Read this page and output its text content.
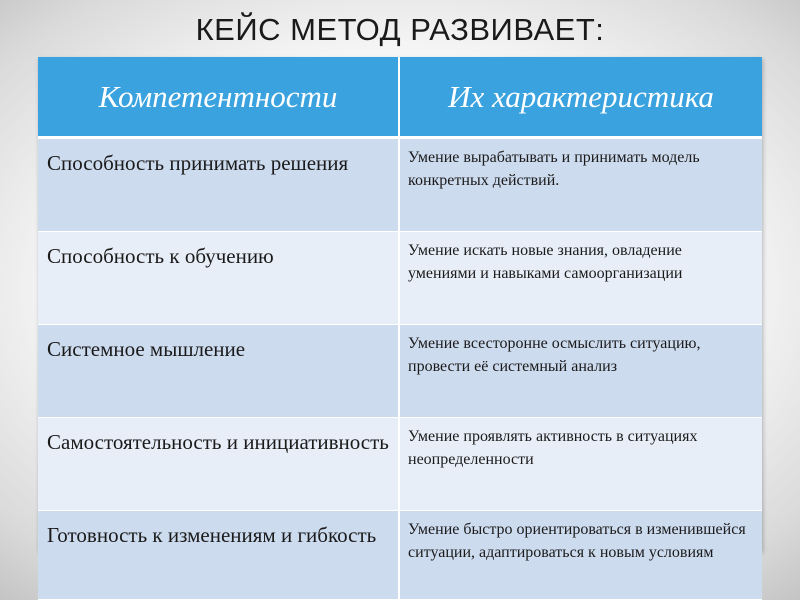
КЕЙС МЕТОД РАЗВИВАЕТ:
Компетентности	Их характеристика
Способность принимать решения	Умение вырабатывать и принимать модель конкретных действий.
Способность к обучению	Умение искать новые знания, овладение умениями и навыками самоорганизации
Системное мышление	Умение всесторонне осмыслить ситуацию, провести её системный анализ
Самостоятельность и инициативность	Умение проявлять активность в ситуациях неопределенности
Готовность к изменениям и гибкость	Умение быстро ориентироваться в изменившейся ситуации, адаптироваться к новым условиям
